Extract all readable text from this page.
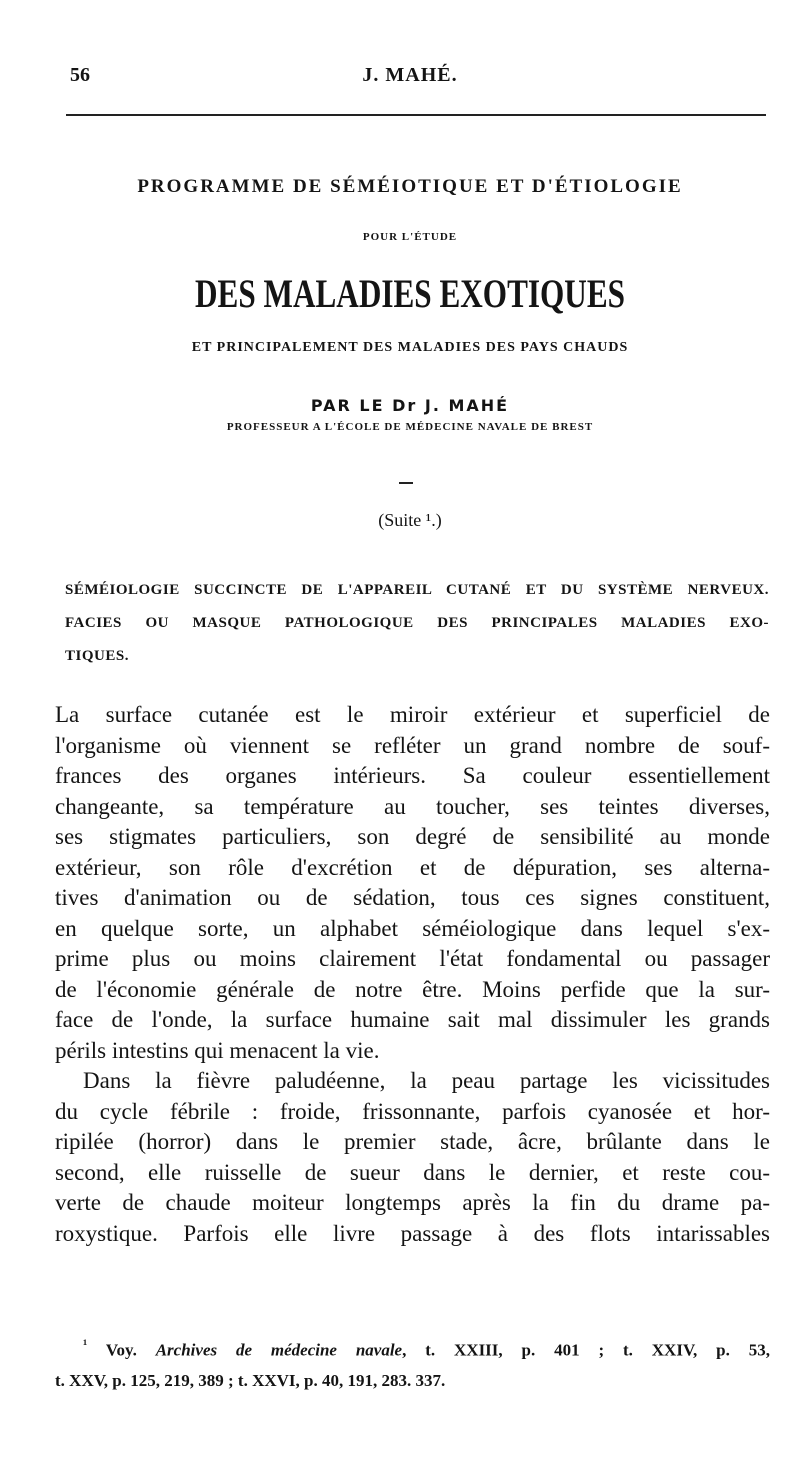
56	J. MAHÉ.
PROGRAMME DE SÉMÉIOTIQUE ET D'ÉTIOLOGIE
POUR L'ÉTUDE
DES MALADIES EXOTIQUES
ET PRINCIPALEMENT DES MALADIES DES PAYS CHAUDS
PAR LE Dr J. MAHÉ
PROFESSEUR A L'ÉCOLE DE MÉDECINE NAVALE DE BREST
(Suite ¹.)
SÉMÉIOLOGIE SUCCINCTE DE L'APPAREIL CUTANÉ ET DU SYSTÈME NERVEUX.
FACIES OU MASQUE PATHOLOGIQUE DES PRINCIPALES MALADIES EXO-
TIQUES.
La surface cutanée est le miroir extérieur et superficiel de
l'organisme où viennent se refléter un grand nombre de souf-
frances des organes intérieurs. Sa couleur essentiellement
changeante, sa température au toucher, ses teintes diverses,
ses stigmates particuliers, son degré de sensibilité au monde
extérieur, son rôle d'excrétion et de dépuration, ses alterna-
tives d'animation ou de sédation, tous ces signes constituent,
en quelque sorte, un alphabet séméiologique dans lequel s'ex-
prime plus ou moins clairement l'état fondamental ou passager
de l'économie générale de notre être. Moins perfide que la sur-
face de l'onde, la surface humaine sait mal dissimuler les grands
périls intestins qui menacent la vie.
Dans la fièvre paludéenne, la peau partage les vicissitudes
du cycle fébrile : froide, frissonnante, parfois cyanosée et hor-
ripilée (horror) dans le premier stade, âcre, brûlante dans le
second, elle ruisselle de sueur dans le dernier, et reste cou-
verte de chaude moiteur longtemps après la fin du drame pa-
roxystique. Parfois elle livre passage à des flots intarissables
$^{^1}$ Voy. Archives de médecine navale, t. XXIII, p. 401 ; t. XXIV, p. 53,
t. XXV, p. 125, 219, 389 ; t. XXVI, p. 40, 191, 283. 337.
